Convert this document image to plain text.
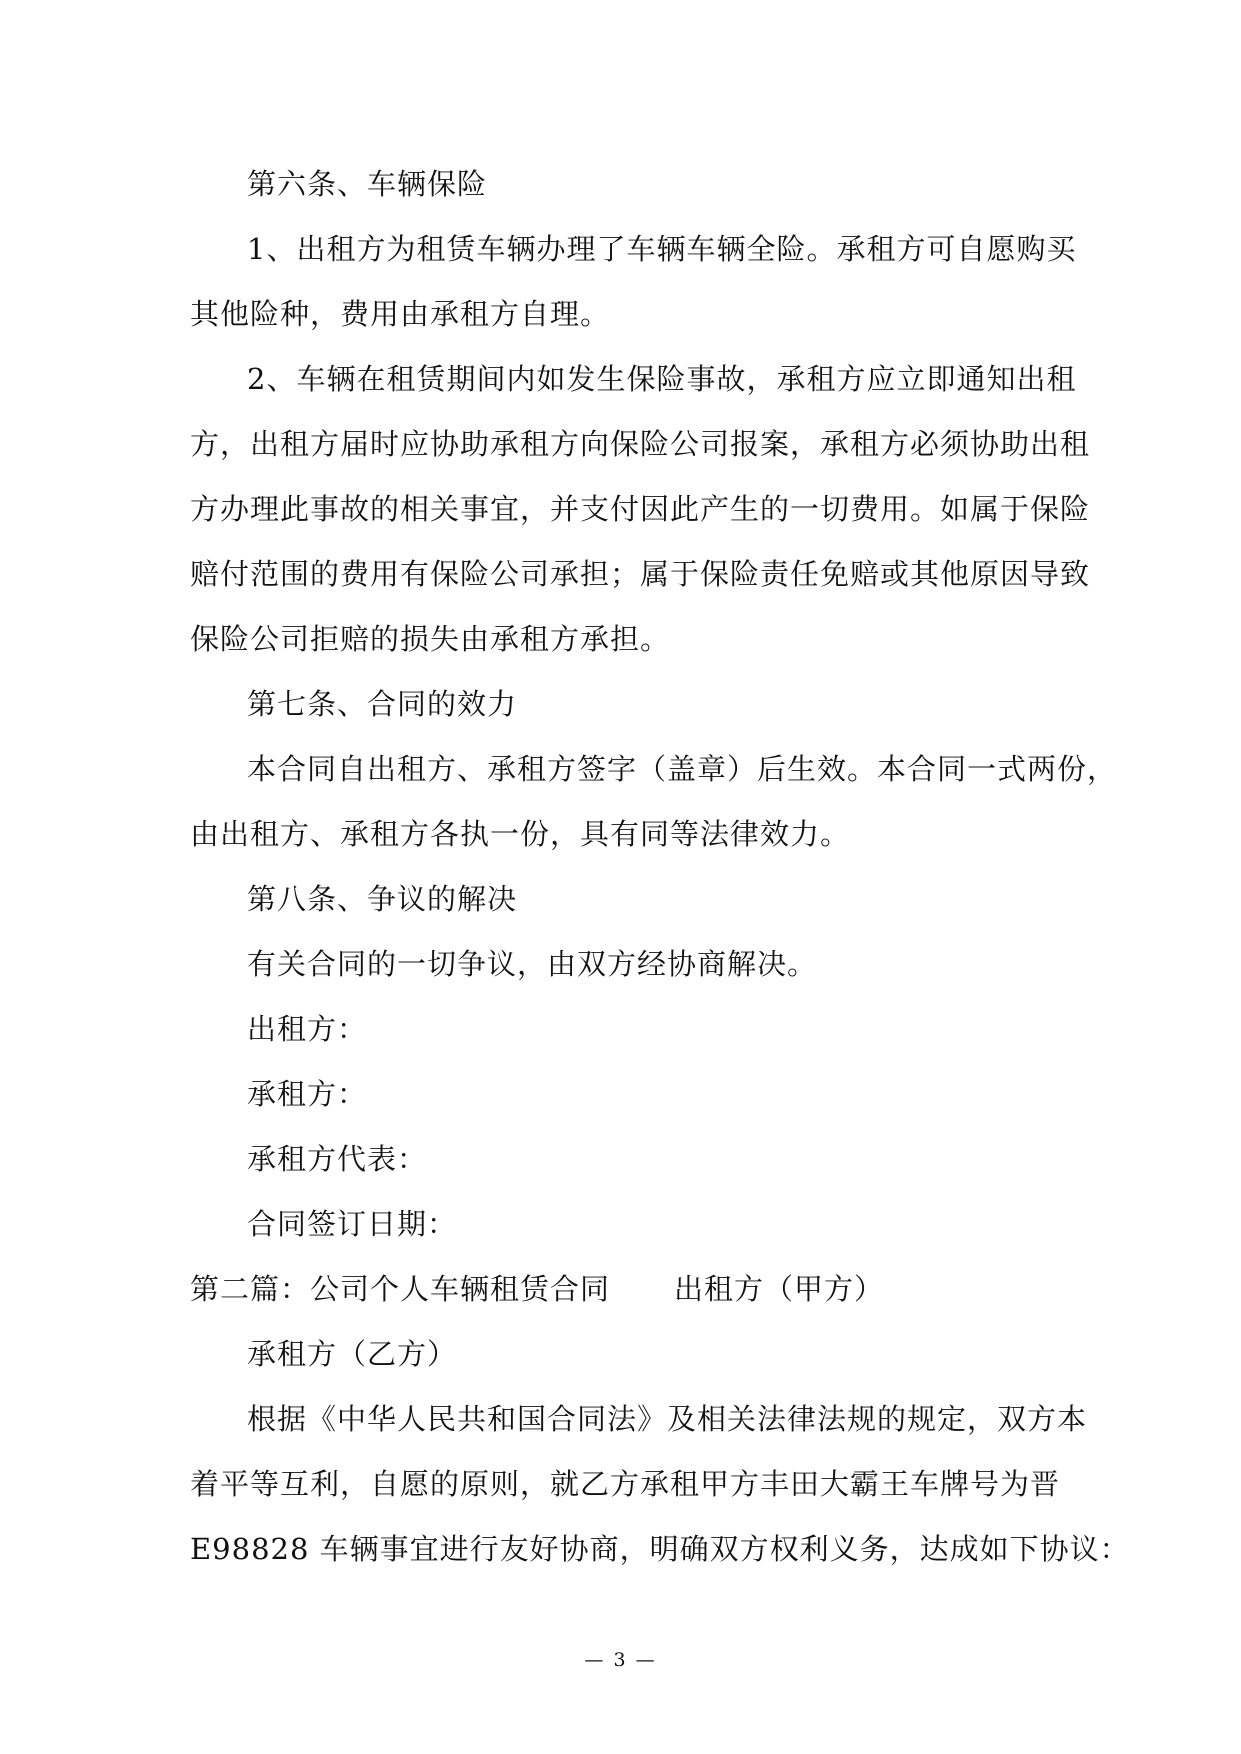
第六条、车辆保险
1、出租方为租赁车辆办理了车辆车辆全险。承租方可自愿购买
其他险种，费用由承租方自理。
2、车辆在租赁期间内如发生保险事故，承租方应立即通知出租
方，出租方届时应协助承租方向保险公司报案，承租方必须协助出租
方办理此事故的相关事宜，并支付因此产生的一切费用。如属于保险
赔付范围的费用有保险公司承担；属于保险责任免赔或其他原因导致
保险公司拒赔的损失由承租方承担。
第七条、合同的效力
本合同自出租方、承租方签字（盖章）后生效。本合同一式两份，
由出租方、承租方各执一份，具有同等法律效力。
第八条、争议的解决
有关合同的一切争议，由双方经协商解决。
出租方：
承租方：
承租方代表：
合同签订日期：
第二篇：公司个人车辆租赁合同 出租方（甲方）
承租方（乙方）
根据《中华人民共和国合同法》及相关法律法规的规定，双方本
着平等互利，自愿的原则，就乙方承租甲方丰田大霸王车牌号为晋
E98828 车辆事宜进行友好协商，明确双方权利义务，达成如下协议：
— 3 —
